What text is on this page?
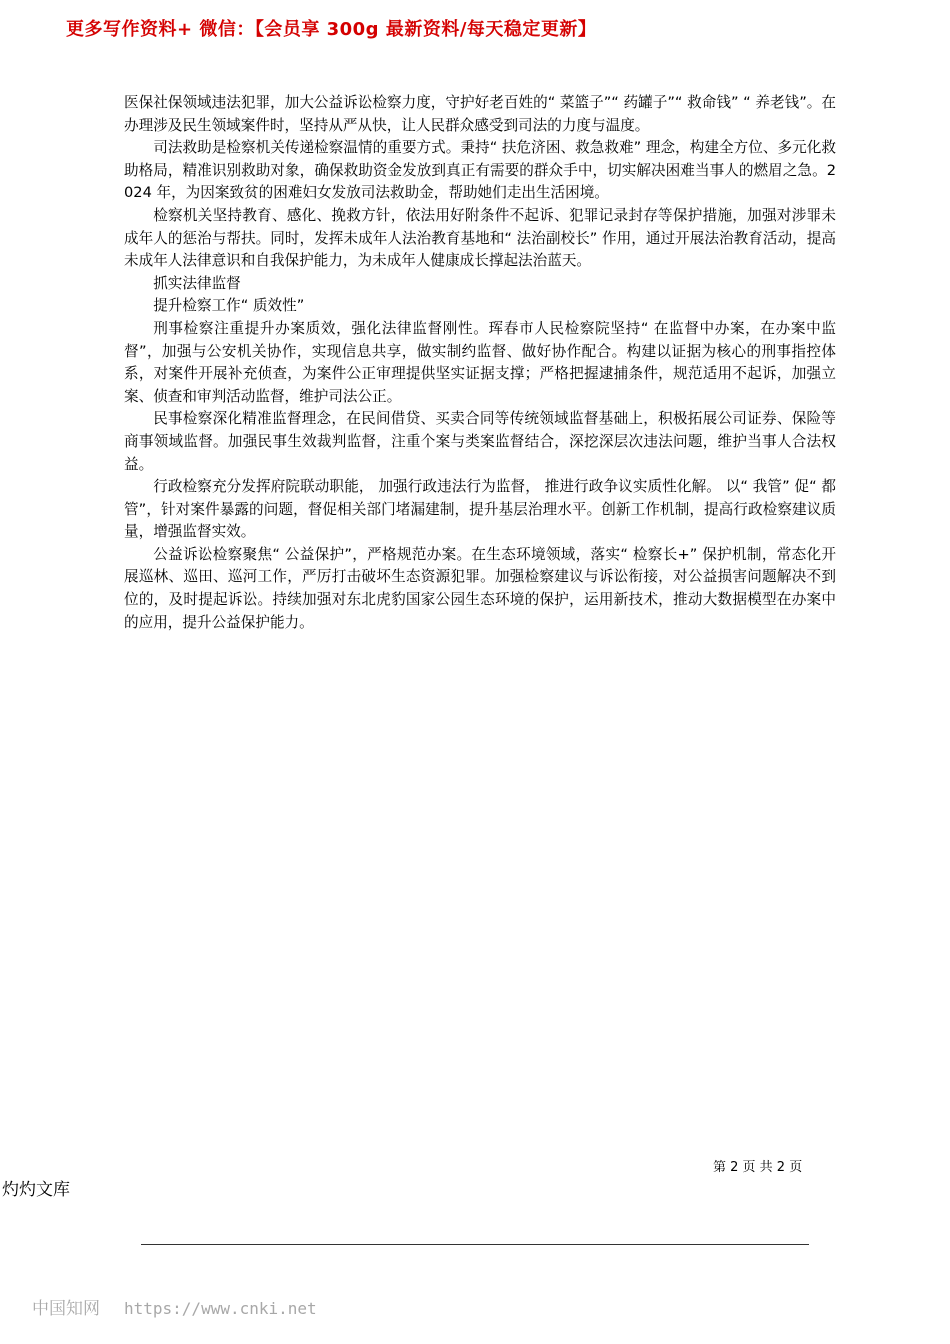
更多写作资料+ 微信：【会员享 300g 最新资料/每天稳定更新】

医保社保领域违法犯罪，加大公益诉讼检察力度，守护好老百姓的“ 菜篮子”“ 药罐子”“ 救命钱” “ 养老钱”。在办理涉及民生领域案件时，坚持从严从快，让人民群众感受到司法的力度与温度。

司法救助是检察机关传递检察温情的重要方式。秉持“ 扶危济困、救急救难” 理念，构建全方位、多元化救助格局，精准识别救助对象，确保救助资金发放到真正有需要的群众手中，切实解决困难当事人的燃眉之急。2024 年，为因案致贫的困难妇女发放司法救助金，帮助她们走出生活困境。

检察机关坚持教育、感化、挽救方针，依法用好附条件不起诉、犯罪记录封存等保护措施，加强对涉罪未成年人的惩治与帮扶。同时，发挥未成年人法治教育基地和“ 法治副校长” 作用，通过开展法治教育活动，提高未成年人法律意识和自我保护能力，为未成年人健康成长撑起法治蓝天。

抓实法律监督

提升检察工作“ 质效性”

刑事检察注重提升办案质效，强化法律监督刚性。珲春市人民检察院坚持“ 在监督中办案，在办案中监督”，加强与公安机关协作，实现信息共享，做实制约监督、做好协作配合。构建以证据为核心的刑事指控体系，对案件开展补充侦查，为案件公正审理提供坚实证据支撑；严格把握逮捕条件，规范适用不起诉，加强立案、侦查和审判活动监督，维护司法公正。

民事检察深化精准监督理念，在民间借贷、买卖合同等传统领域监督基础上，积极拓展公司证券、保险等商事领域监督。加强民事生效裁判监督，注重个案与类案监督结合，深挖深层次违法问题，维护当事人合法权益。

行政检察充分发挥府院联动职能， 加强行政违法行为监督， 推进行政争议实质性化解。 以“ 我管” 促“ 都管”，针对案件暴露的问题，督促相关部门堵漏建制，提升基层治理水平。创新工作机制，提高行政检察建议质量，增强监督实效。

公益诉讼检察聚焦“ 公益保护”，严格规范办案。在生态环境领域，落实“ 检察长+” 保护机制，常态化开展巡林、巡田、巡河工作，严厉打击破坏生态资源犯罪。加强检察建议与诉讼衔接，对公益损害问题解决不到位的，及时提起诉讼。持续加强对东北虎豹国家公园生态环境的保护，运用新技术，推动大数据模型在办案中的应用，提升公益保护能力。

第 2 页 共 2 页
灼灼文库
中国知网 https://www.cnki.net
